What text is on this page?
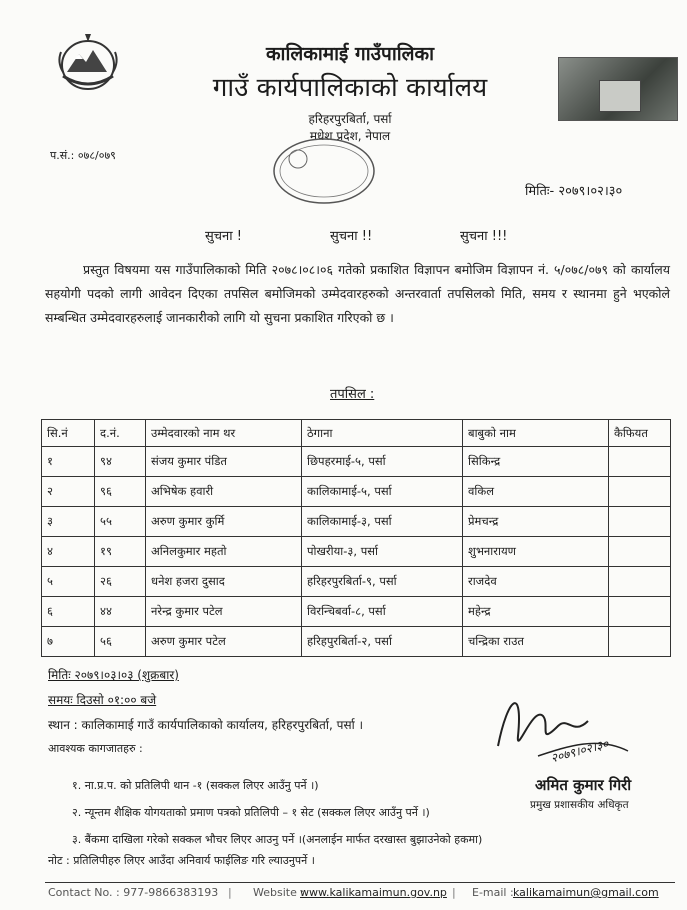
कालिकामाई गाउँपालिका
गाउँ कार्यपालिकाको कार्यालय
हरिहरपुरबिर्ता, पर्सा
मधेश प्रदेश, नेपाल
प.सं.: ०७८/०७९
मितिः- २०७९।०२।३०
सुचना !	सुचना !!	सुचना !!!
प्रस्तुत विषयमा यस गाउँपालिकाको मिति २०७८।०८।०६ गतेको प्रकाशित विज्ञापन बमोजिम विज्ञापन नं. ५/०७८/०७९ को कार्यालय सहयोगी पदको लागी आवेदन दिएका तपसिल बमोजिमको उम्मेदवारहरुको अन्तरवार्ता तपसिलको मिति, समय र स्थानमा हुने भएकोले सम्बन्धित उम्मेदवारहरुलाई जानकारीको लागि यो सुचना प्रकाशित गरिएको छ ।
तपसिल :
सि.नं	द.नं.	उम्मेदवारको नाम थर	ठेगाना	बाबुको नाम	कैफियत
१	९४	संजय कुमार पंडित	छिपहरमाई-५, पर्सा	सिकिन्द्र	
२	९६	अभिषेक हवारी	कालिकामाई-५, पर्सा	वकिल	
३	५५	अरुण कुमार कुर्मि	कालिकामाई-३, पर्सा	प्रेमचन्द्र	
४	१९	अनिलकुमार महतो	पोखरीया-३, पर्सा	शुभनारायण	
५	२६	धनेश हजरा दुसाद	हरिहरपुरबिर्ता-९, पर्सा	राजदेव	
६	४४	नरेन्द्र कुमार पटेल	विरन्चिबर्वा-८, पर्सा	महेन्द्र	
७	५६	अरुण कुमार पटेल	हरिहपुरबिर्ता-२, पर्सा	चन्द्रिका राउत	
मितिः २०७९।०३।०३ (शुक्रबार)
समयः दिउसो ०१:०० बजे
स्थान : कालिकामाई गाउँ कार्यपालिकाको कार्यालय, हरिहरपुरबिर्ता, पर्सा ।
आवश्यक कागजातहरु :
१. ना.प्र.प. को प्रतिलिपी थान -१ (सक्कल लिएर आउँनु पर्ने ।)
२. न्यून्तम शैक्षिक योगयताको प्रमाण पत्रको प्रतिलिपी – १ सेट (सक्कल लिएर आउँनु पर्ने ।)
३. बैंकमा दाखिला गरेको सक्कल भौचर लिएर आउनु पर्ने ।(अनलाईन मार्फत दरखास्त बुझाउनेको हकमा)
नोट : प्रतिलिपीहरु लिएर आउँदा अनिवार्य फाईलिङ गरि ल्याउनुपर्ने ।
२०७९।०२।३०
अमित कुमार गिरी
प्रमुख प्रशासकीय अधिकृत
Contact No. : 977-9866383193 | Website :
www.kalikamaimun.gov.np | E-mail : kalikamaimun@gmail.com
